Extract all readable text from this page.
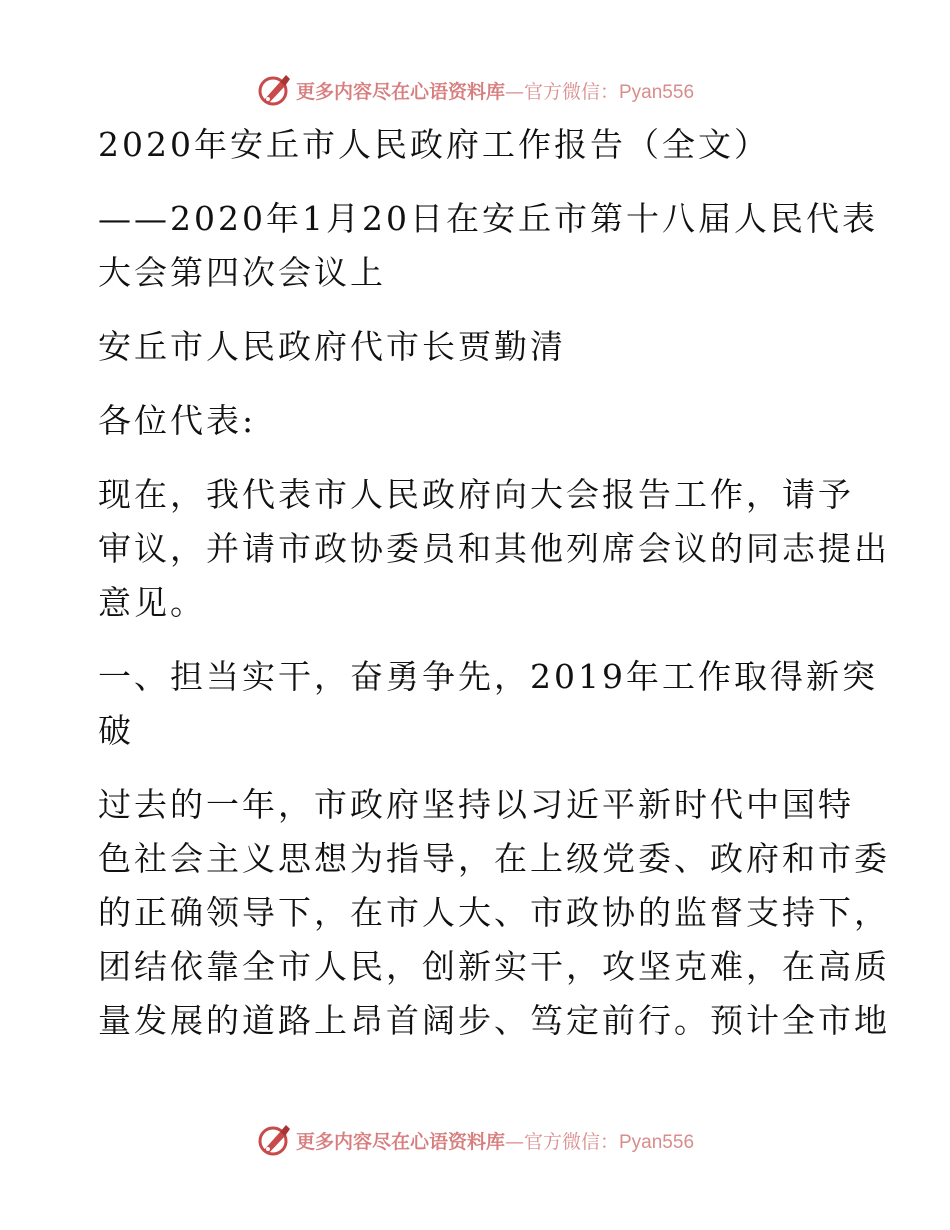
更多内容尽在心语资料库—官方微信：Pyan556

2020年安丘市人民政府工作报告（全文）

——2020年1月20日在安丘市第十八届人民代表

大会第四次会议上

安丘市人民政府代市长贾勤清

各位代表:

现在，我代表市人民政府向大会报告工作，请予

审议，并请市政协委员和其他列席会议的同志提出

意见。

一、担当实干，奋勇争先，2019年工作取得新突

破

过去的一年，市政府坚持以习近平新时代中国特

色社会主义思想为指导，在上级党委、政府和市委

的正确领导下，在市人大、市政协的监督支持下，

团结依靠全市人民，创新实干，攻坚克难，在高质

量发展的道路上昂首阔步、笃定前行。预计全市地

更多内容尽在心语资料库—官方微信：Pyan556
